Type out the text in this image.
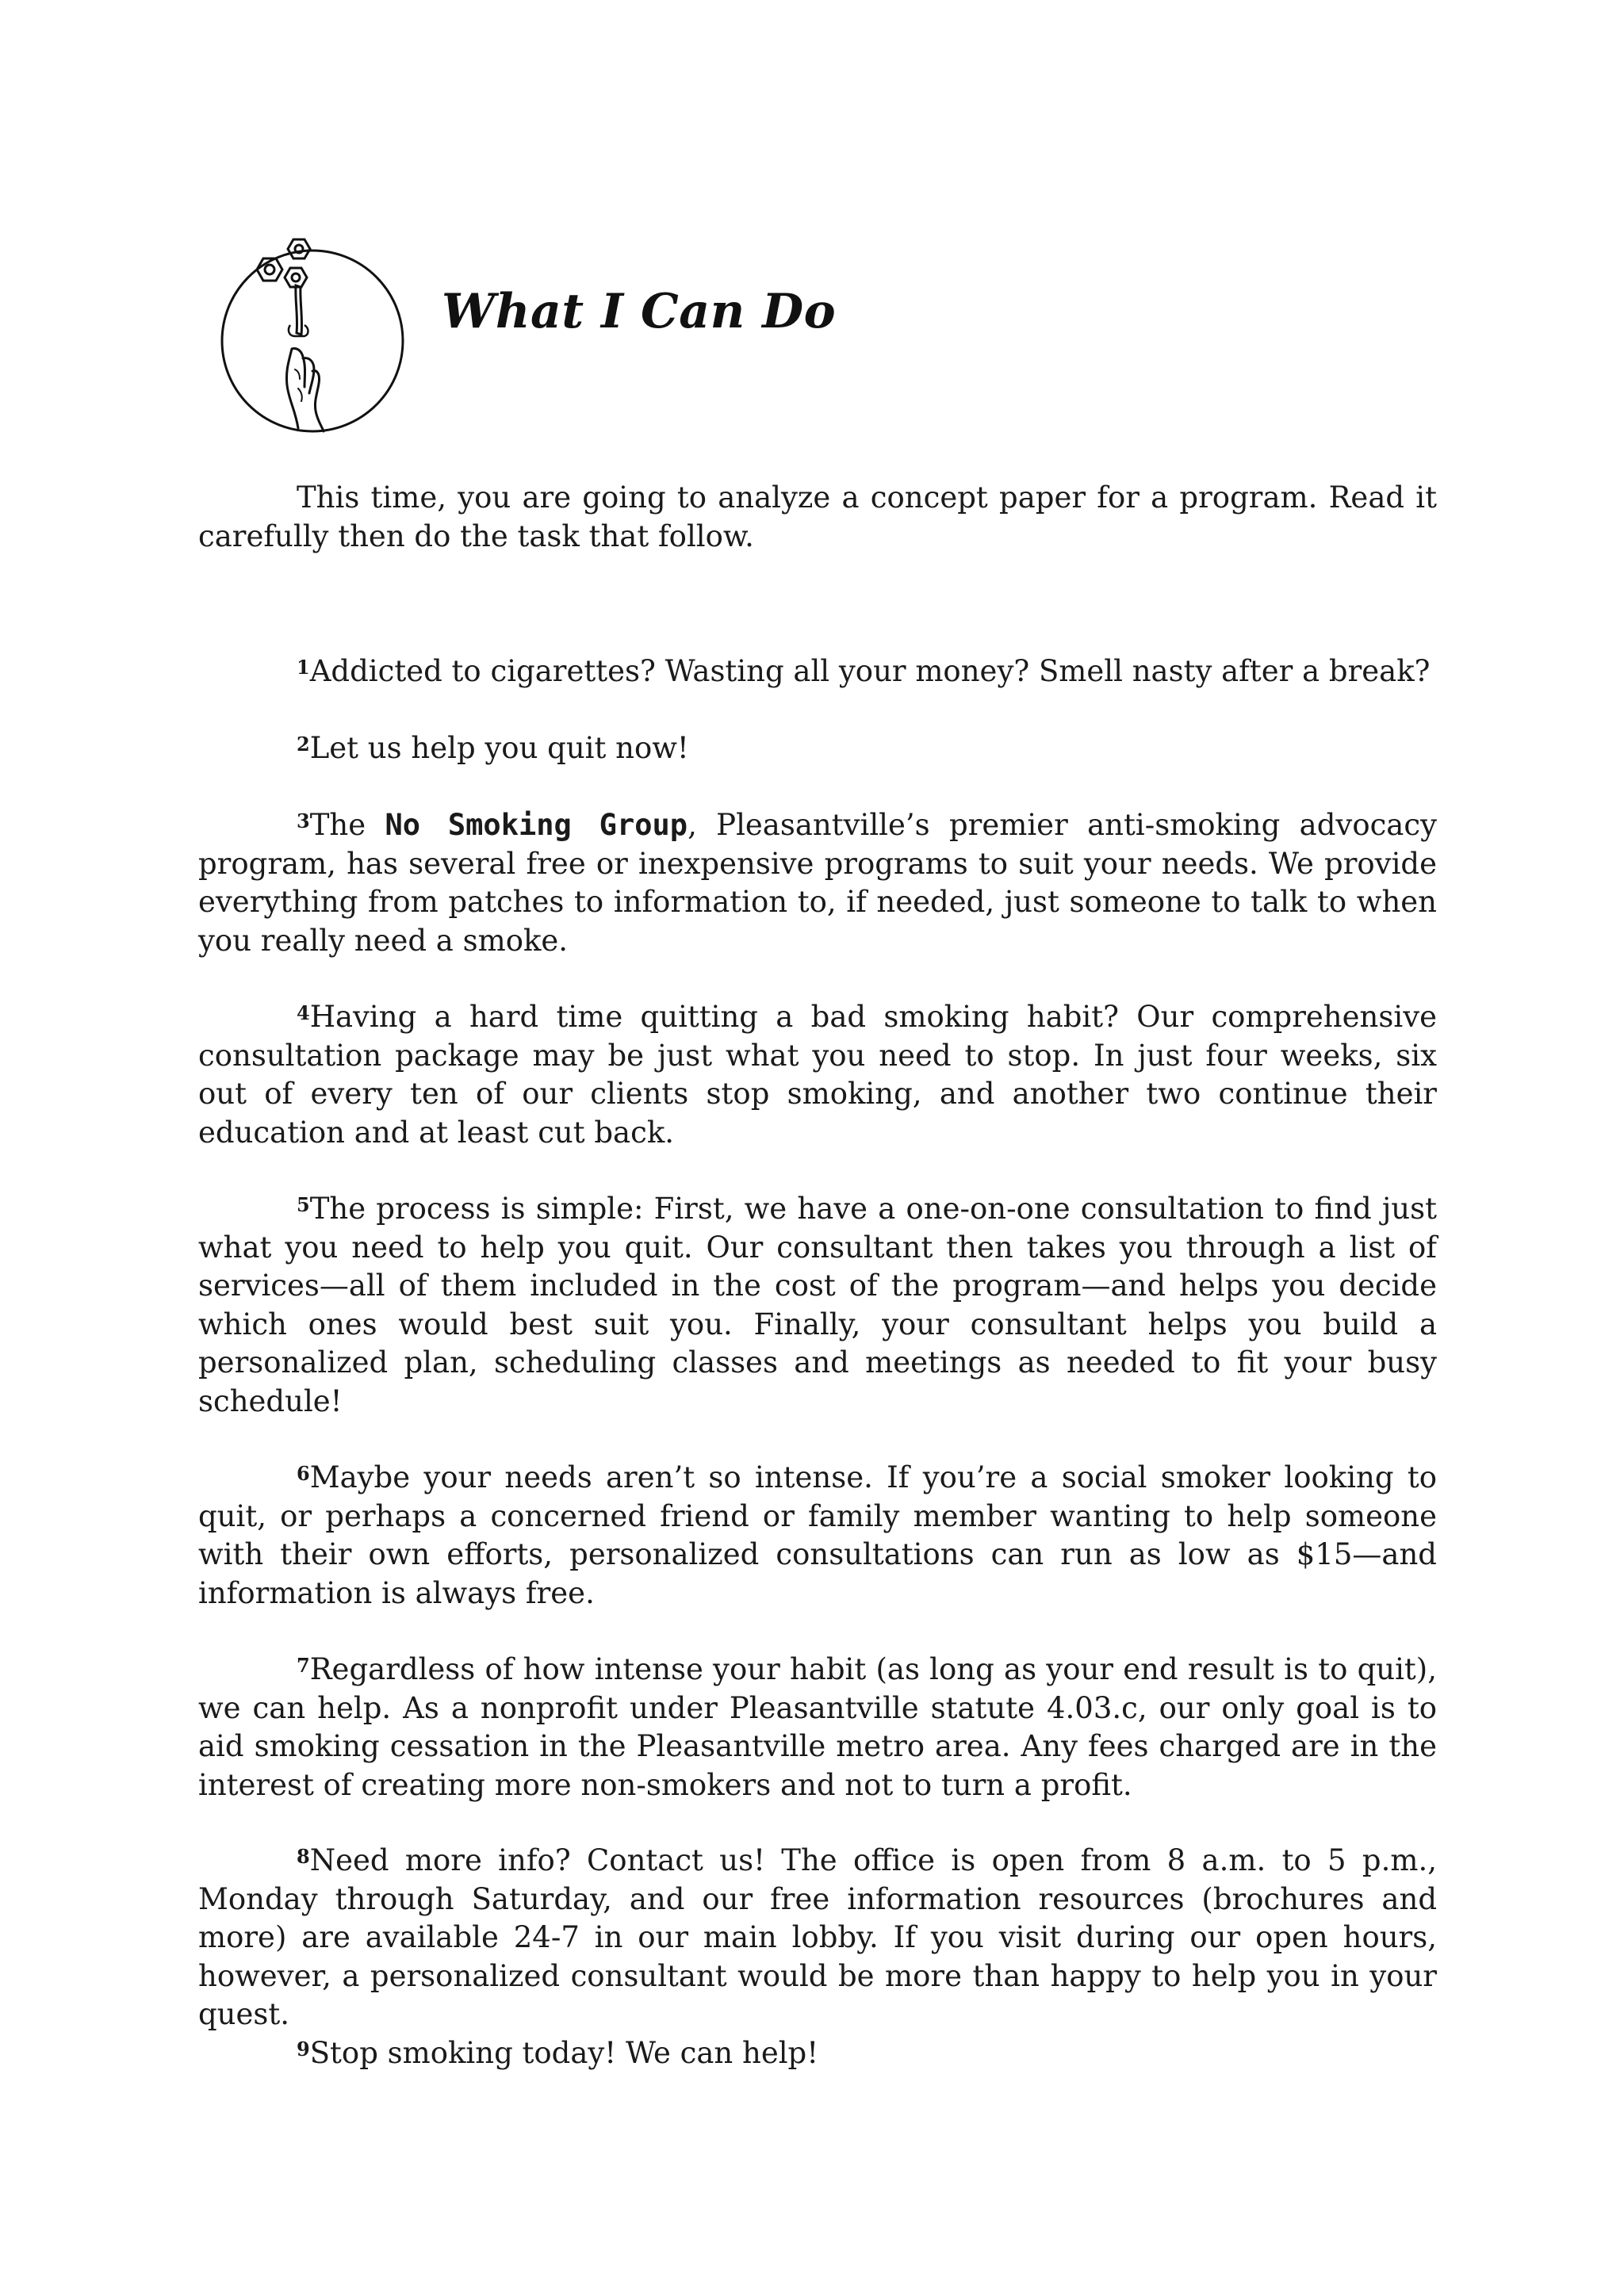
What I Can Do

This time, you are going to analyze a concept paper for a program. Read it carefully then do the task that follow.

$^1$Addicted to cigarettes? Wasting all your money? Smell nasty after a break?

$^2$Let us help you quit now!

$^3$The No Smoking Group, Pleasantville’s premier anti-smoking advocacy program, has several free or inexpensive programs to suit your needs. We provide everything from patches to information to, if needed, just someone to talk to when you really need a smoke.

$^4$Having a hard time quitting a bad smoking habit? Our comprehensive consultation package may be just what you need to stop. In just four weeks, six out of every ten of our clients stop smoking, and another two continue their education and at least cut back.

$^5$The process is simple: First, we have a one-on-one consultation to find just what you need to help you quit. Our consultant then takes you through a list of services—all of them included in the cost of the program—and helps you decide which ones would best suit you. Finally, your consultant helps you build a personalized plan, scheduling classes and meetings as needed to fit your busy schedule!

$^6$Maybe your needs aren’t so intense. If you’re a social smoker looking to quit, or perhaps a concerned friend or family member wanting to help someone with their own efforts, personalized consultations can run as low as $15—and information is always free.

$^7$Regardless of how intense your habit (as long as your end result is to quit), we can help. As a nonprofit under Pleasantville statute 4.03.c, our only goal is to aid smoking cessation in the Pleasantville metro area. Any fees charged are in the interest of creating more non-smokers and not to turn a profit.

$^8$Need more info? Contact us! The office is open from 8 a.m. to 5 p.m., Monday through Saturday, and our free information resources (brochures and more) are available 24-7 in our main lobby. If you visit during our open hours, however, a personalized consultant would be more than happy to help you in your quest.

$^9$Stop smoking today! We can help!
